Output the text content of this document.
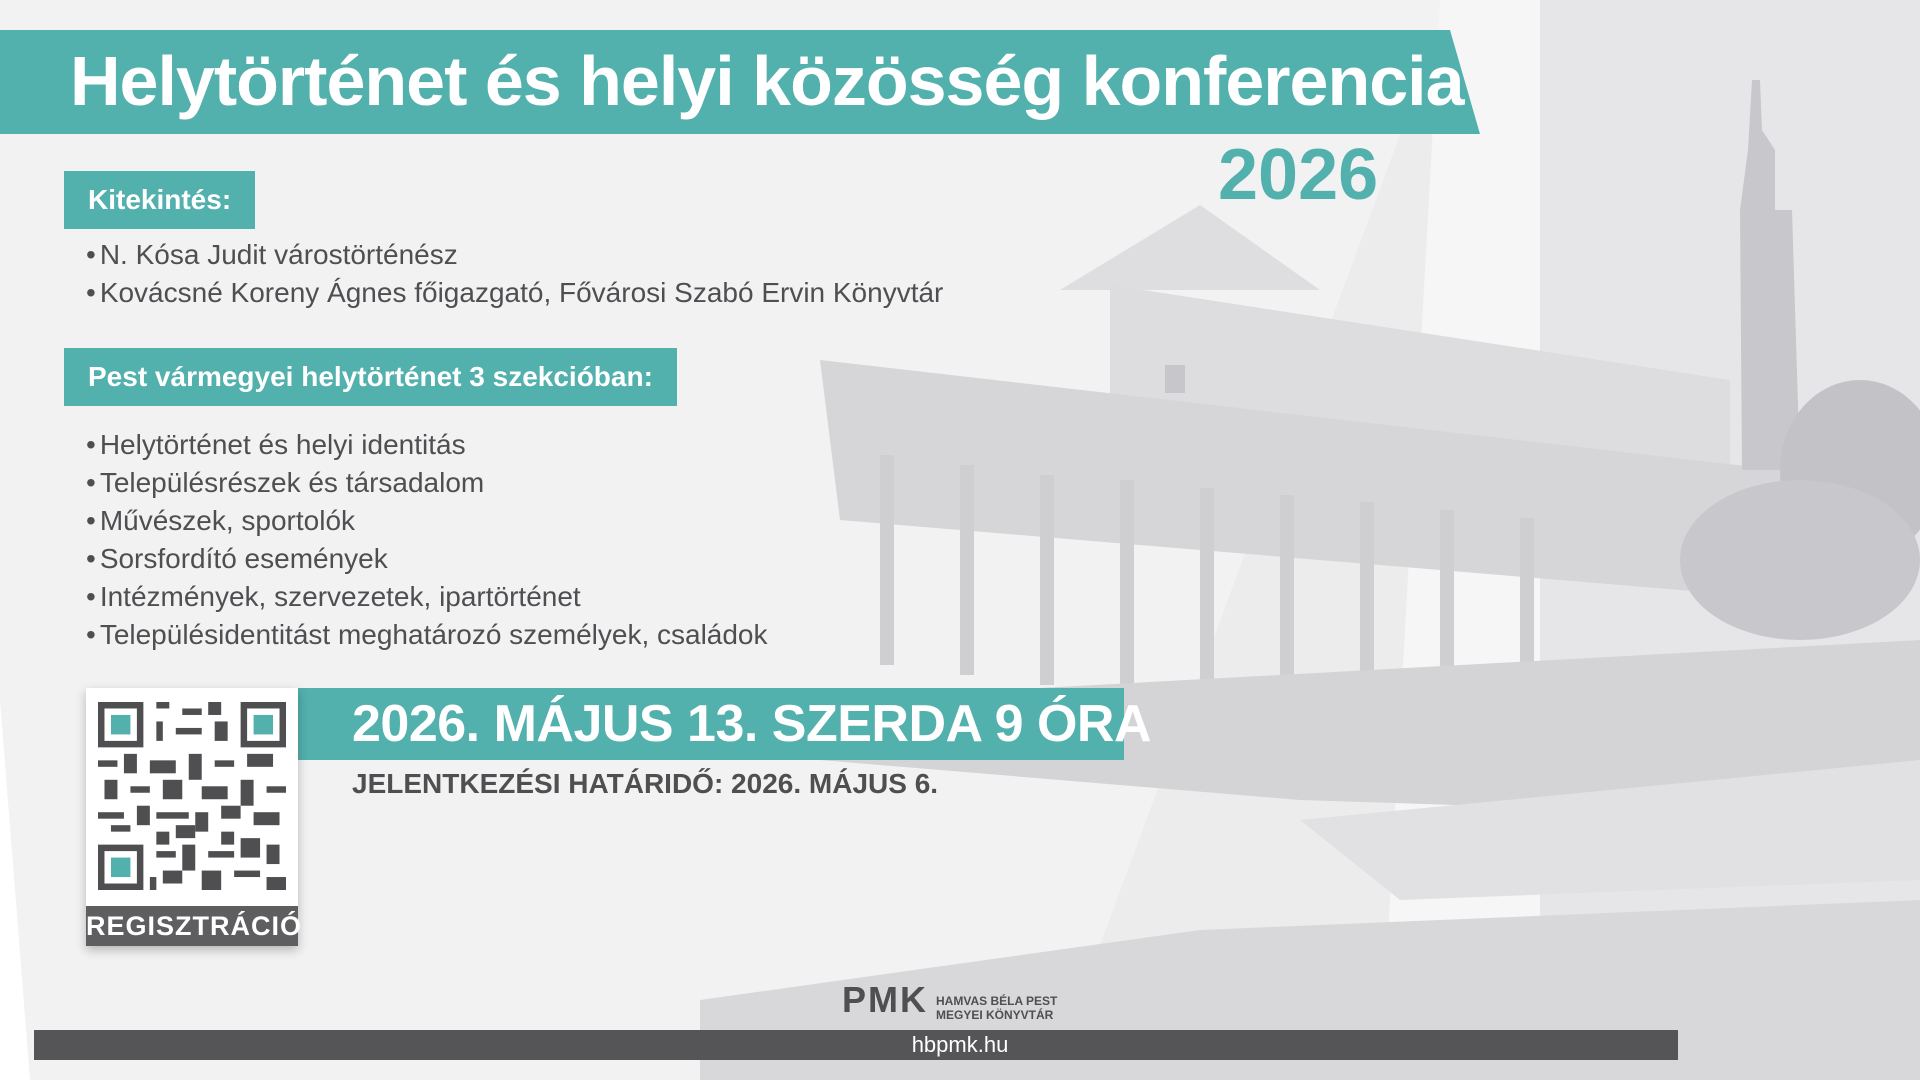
Helytörténet és helyi közösség konferencia
2026
Kitekintés:
• N. Kósa Judit várostörténész
• Kovácsné Koreny Ágnes főigazgató, Fővárosi Szabó Ervin Könyvtár
Pest vármegyei helytörténet 3 szekcióban:
• Helytörténet és helyi identitás
• Településrészek és társadalom
• Művészek, sportolók
• Sorsfordító események
• Intézmények, szervezetek, ipartörténet
• Településidentitást meghatározó személyek, családok
2026. MÁJUS 13. SZERDA 9 ÓRA
JELENTKEZÉSI HATÁRIDŐ: 2026. MÁJUS 6.
REGISZTRÁCIÓ
PMK HAMVAS BÉLA PEST
MEGYEI KÖNYVTÁR
hbpmk.hu
